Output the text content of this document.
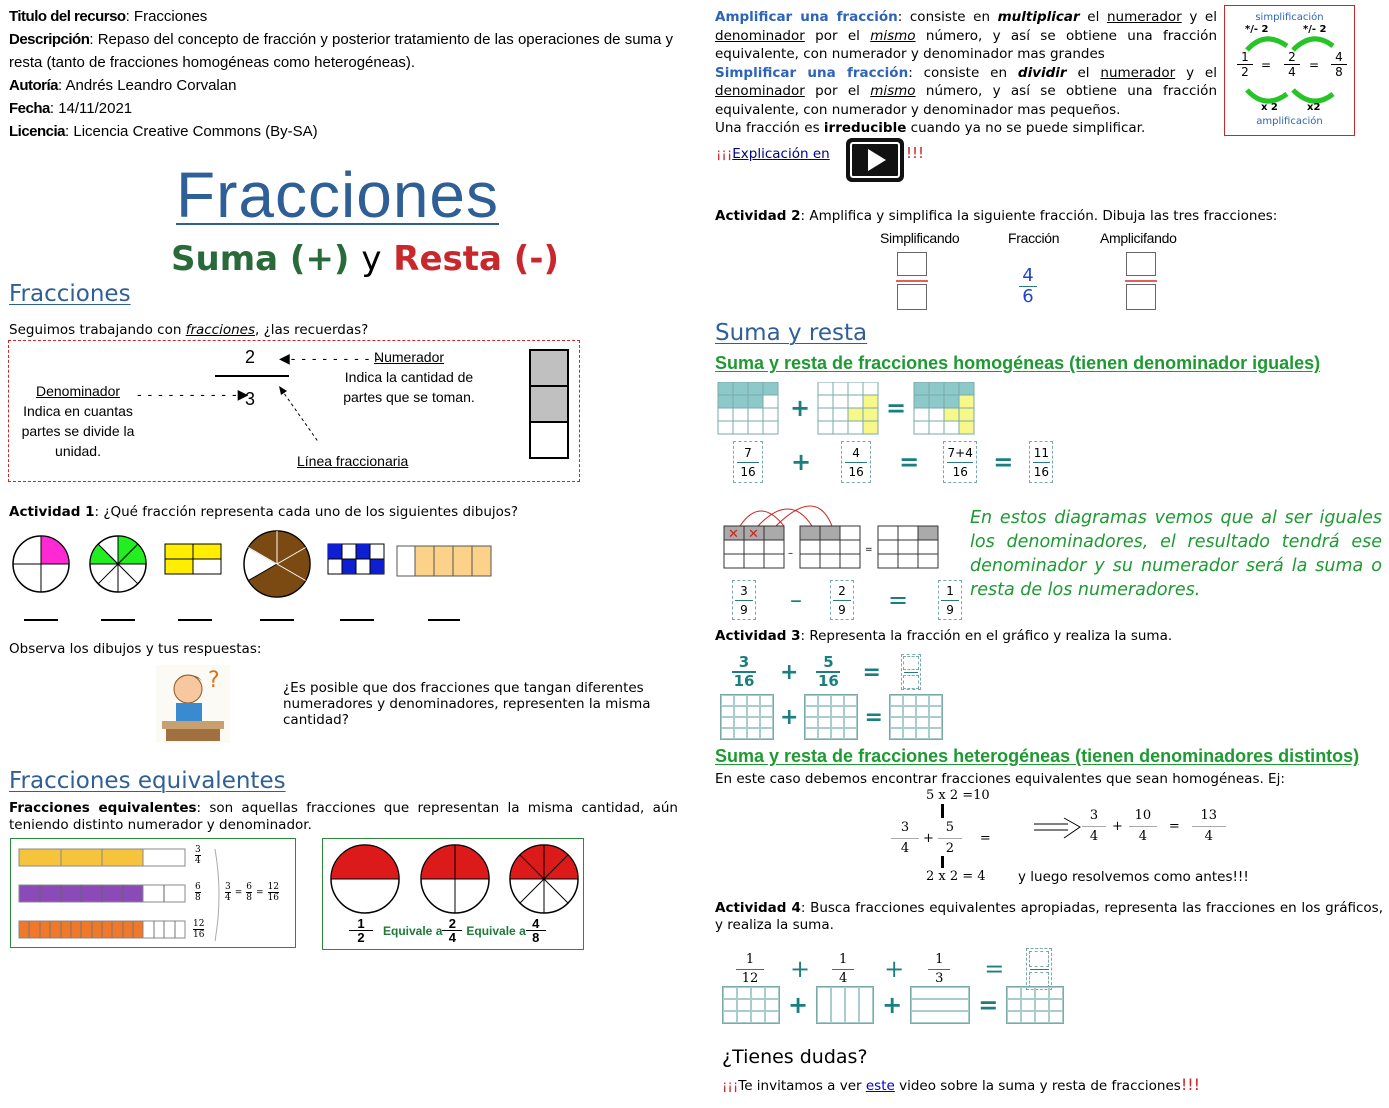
Titulo del recurso: Fracciones
Descripción: Repaso del concepto de fracción y posterior tratamiento de las operaciones de suma y resta (tanto de fracciones homogéneas como heterogéneas).
Autoría: Andrés Leandro Corvalan
Fecha: 14/11/2021
Licencia: Licencia Creative Commons (By-SA)
Fracciones
Suma (+) y Resta (-)
Fracciones
Seguimos trabajando con fracciones, ¿las recuerdas?
2
3
◀- - - - - - - - -
- - - - - - - - - -▶
Numerador
Indica la cantidad de partes que se toman.
Denominador
Indica en cuantas partes se divide la unidad.
Línea fraccionaria
Actividad 1: ¿Qué fracción representa cada uno de los siguientes dibujos?
Observa los dibujos y tus respuestas:
?	¿Es posible que dos fracciones que tangan diferentes numeradores y denominadores, representen la misma cantidad?
Fracciones equivalentes
Fracciones equivalentes: son aquellas fracciones que representan la misma cantidad, aún teniendo distinto numerador y denominador.
3
4
6
8
12
16
$\frac{3}{4} = \frac{6}{8} = \frac{12}{16}$
1
2	Equivale a 2
4 Equivale a 4
8
Amplificar una fracción: consiste en multiplicar el numerador y el denominador por el mismo número, y así se obtiene una fracción equivalente, con numerador y denominador mas grandes
Simplificar una fracción: consiste en dividir el numerador y el denominador por el mismo número, y así se obtiene una fracción equivalente, con numerador y denominador mas pequeños.
Una fracción es irreducible cuando ya no se puede simplificar.
simplificación
*/- 2	*/- 2
1
2	=
2
4	=
4
8
x 2	x2
amplificación
¡¡¡Explicación en	!!!
Actividad 2: Amplifica y simplifica la siguiente fracción. Dibuja las tres fracciones:
Simplificando	Fracción	Amplicifando
4
6
Suma y resta
Suma y resta de fracciones homogéneas (tienen denominador iguales)
+	=
7
16 +	4
16 = 7+4
16 = 11
16
✕ ✕
–	=
3
9 –	2
9 =	1
9
En estos diagramas vemos que al ser iguales los denominadores, el resultado tendrá ese denominador y su numerador será la suma o resta de los numeradores.
Actividad 3: Representa la fracción en el gráfico y realiza la suma.
3
$16 + \frac{5}{16}$ =
+	=
Suma y resta de fracciones heterogéneas (tienen denominadores distintos)
En este caso debemos encontrar fracciones equivalentes que sean homogéneas. Ej:
5 x 2 =10
3
4
+ $\frac{5}{2}$ =
2 x 2 = 4
3
4
+ $\frac{10}{4} = \frac{13}{4}$
y luego resolvemos como antes!!!
Actividad 4: Busca fracciones equivalentes apropiadas, representa las fracciones en los gráficos, y realiza la suma.
1
$12 + \frac{1}{4} + \frac{1}{3}$ =
+	+	=
¿Tienes dudas?
¡¡¡Te invitamos a ver este video sobre la suma y resta de fracciones!!!
